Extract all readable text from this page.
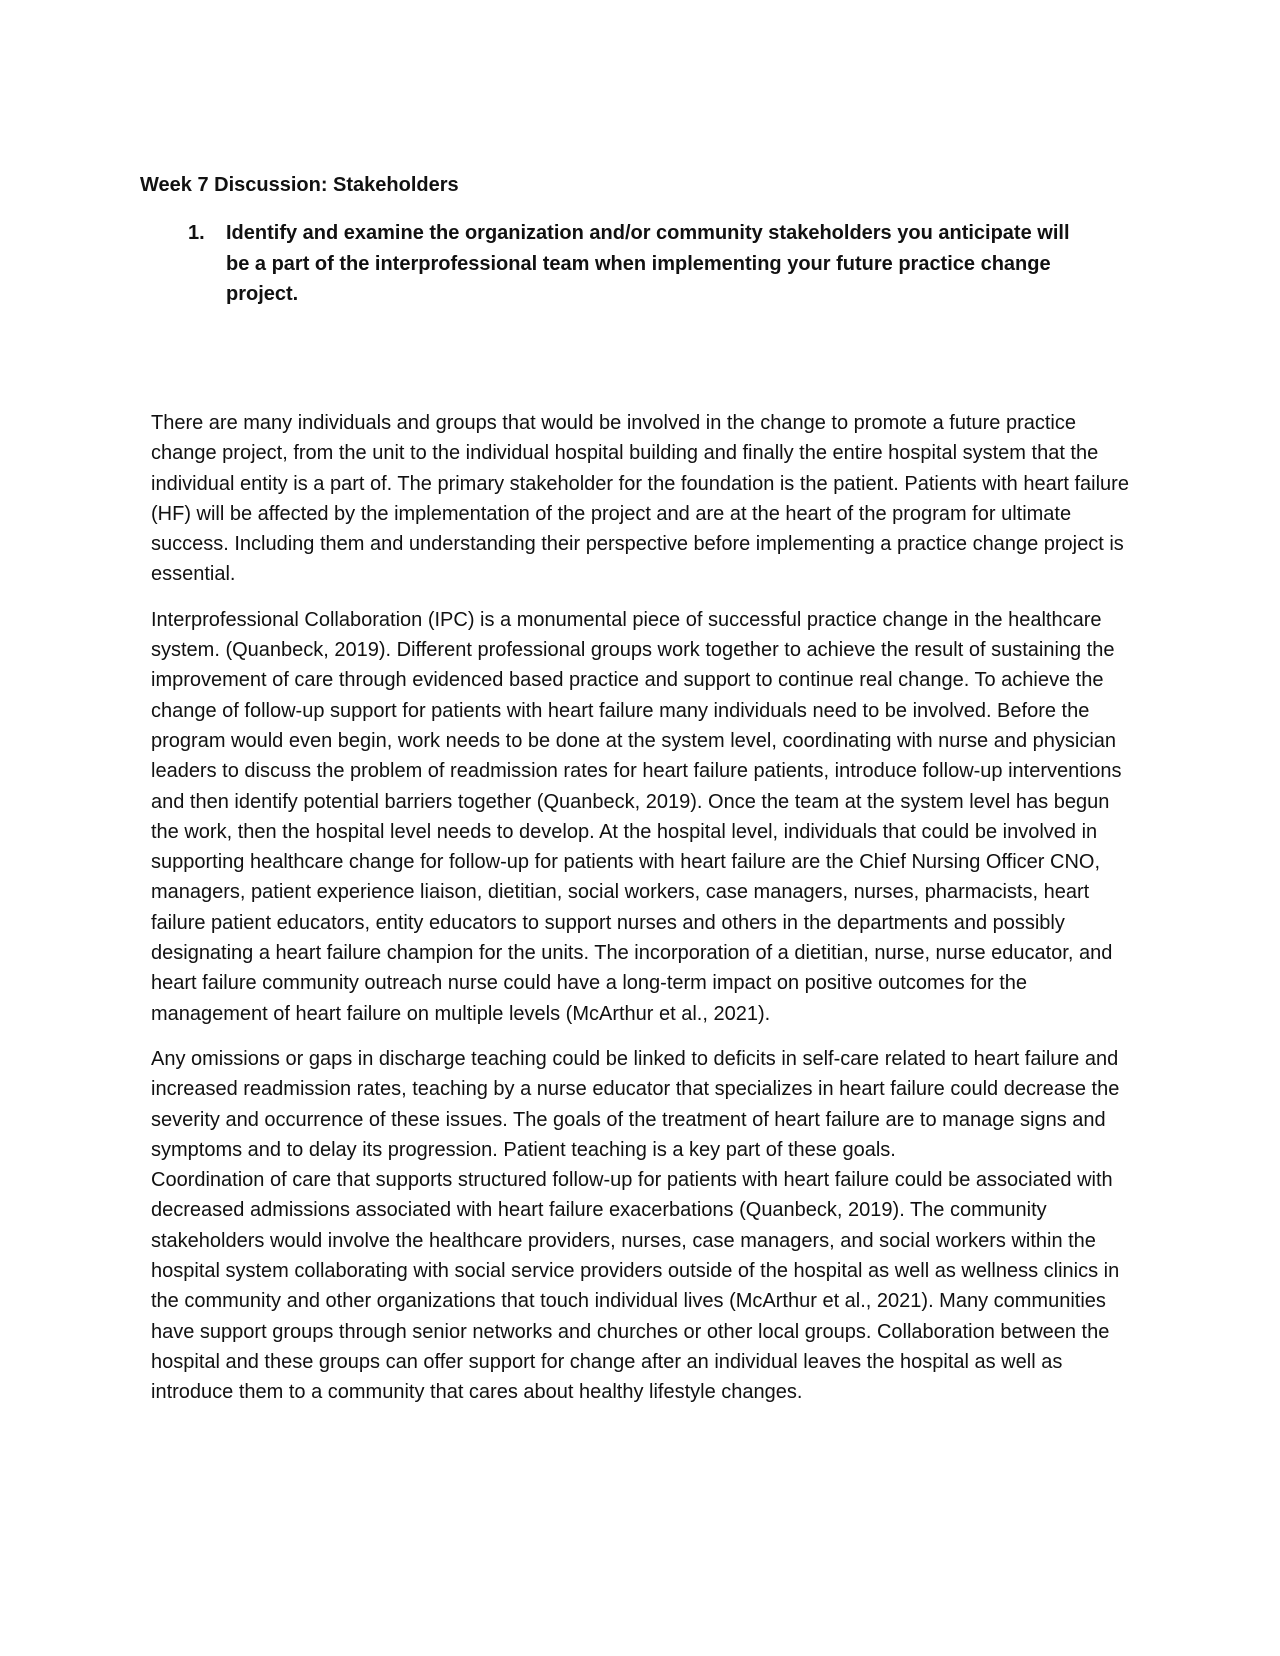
Week 7 Discussion: Stakeholders
1.	Identify and examine the organization and/or community stakeholders you anticipate will be a part of the interprofessional team when implementing your future practice change project.

There are many individuals and groups that would be involved in the change to promote a future practice change project, from the unit to the individual hospital building and finally the entire hospital system that the individual entity is a part of. The primary stakeholder for the foundation is the patient. Patients with heart failure (HF) will be affected by the implementation of the project and are at the heart of the program for ultimate success. Including them and understanding their perspective before implementing a practice change project is essential.

Interprofessional Collaboration (IPC) is a monumental piece of successful practice change in the healthcare system. (Quanbeck, 2019). Different professional groups work together to achieve the result of sustaining the improvement of care through evidenced based practice and support to continue real change. To achieve the change of follow-up support for patients with heart failure many individuals need to be involved. Before the program would even begin, work needs to be done at the system level, coordinating with nurse and physician leaders to discuss the problem of readmission rates for heart failure patients, introduce follow-up interventions and then identify potential barriers together (Quanbeck, 2019). Once the team at the system level has begun the work, then the hospital level needs to develop. At the hospital level, individuals that could be involved in supporting healthcare change for follow-up for patients with heart failure are the Chief Nursing Officer CNO, managers, patient experience liaison, dietitian, social workers, case managers, nurses, pharmacists, heart failure patient educators, entity educators to support nurses and others in the departments and possibly designating a heart failure champion for the units. The incorporation of a dietitian, nurse, nurse educator, and heart failure community outreach nurse could have a long-term impact on positive outcomes for the management of heart failure on multiple levels (McArthur et al., 2021).

Any omissions or gaps in discharge teaching could be linked to deficits in self-care related to heart failure and increased readmission rates, teaching by a nurse educator that specializes in heart failure could decrease the severity and occurrence of these issues. The goals of the treatment of heart failure are to manage signs and symptoms and to delay its progression. Patient teaching is a key part of these goals.

Coordination of care that supports structured follow-up for patients with heart failure could be associated with decreased admissions associated with heart failure exacerbations (Quanbeck, 2019). The community stakeholders would involve the healthcare providers, nurses, case managers, and social workers within the hospital system collaborating with social service providers outside of the hospital as well as wellness clinics in the community and other organizations that touch individual lives (McArthur et al., 2021). Many communities have support groups through senior networks and churches or other local groups. Collaboration between the hospital and these groups can offer support for change after an individual leaves the hospital as well as introduce them to a community that cares about healthy lifestyle changes.
